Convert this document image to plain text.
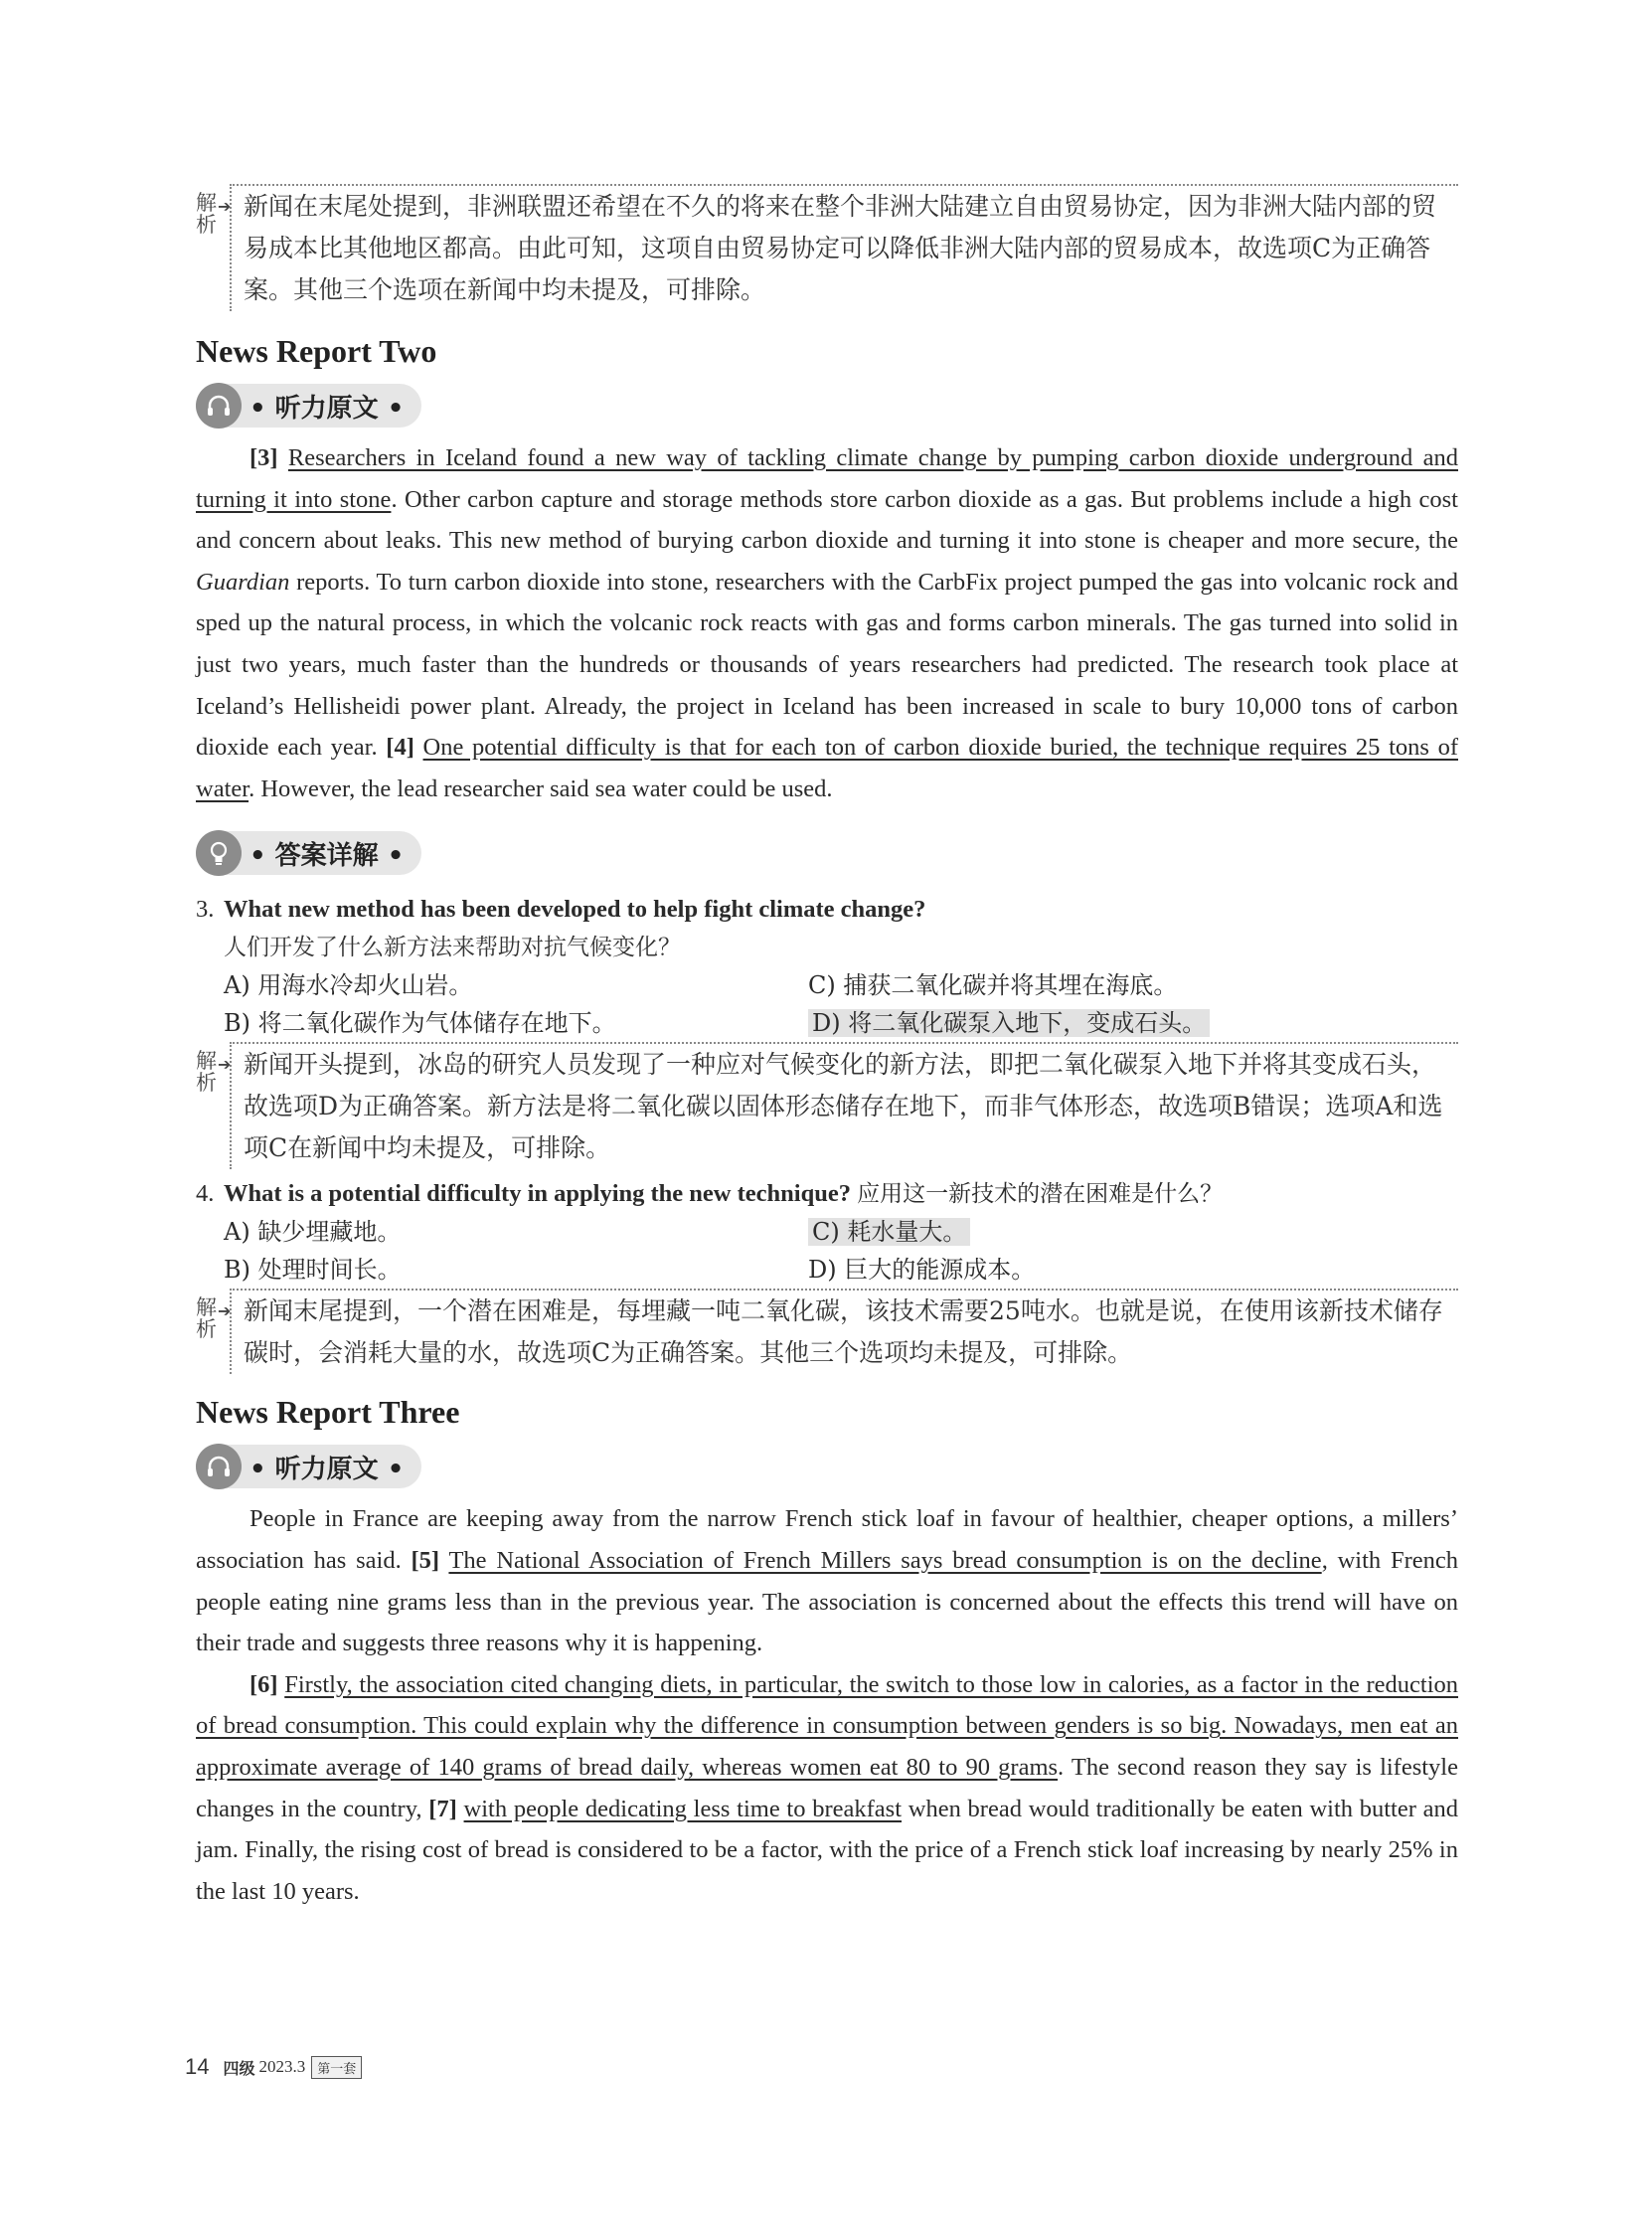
解析
➔ 新闻在末尾处提到，非洲联盟还希望在不久的将来在整个非洲大陆建立自由贸易协定，因为非洲大陆内部的贸易成本比其他地区都高。由此可知，这项自由贸易协定可以降低非洲大陆内部的贸易成本，故选项C为正确答案。其他三个选项在新闻中均未提及，可排除。
News Report Two
• 听力原文 •

[3] Researchers in Iceland found a new way of tackling climate change by pumping carbon dioxide underground and turning it into stone. Other carbon capture and storage methods store carbon dioxide as a gas. But problems include a high cost and concern about leaks. This new method of burying carbon dioxide and turning it into stone is cheaper and more secure, the Guardian reports. To turn carbon dioxide into stone, researchers with the CarbFix project pumped the gas into volcanic rock and sped up the natural process, in which the volcanic rock reacts with gas and forms carbon minerals. The gas turned into solid in just two years, much faster than the hundreds or thousands of years researchers had predicted. The research took place at Iceland’s Hellisheidi power plant. Already, the project in Iceland has been increased in scale to bury 10,000 tons of carbon dioxide each year. [4] One potential difficulty is that for each ton of carbon dioxide buried, the technique requires 25 tons of water. However, the lead researcher said sea water could be used.

• 答案详解 •
3. What new method has been developed to help fight climate change?
人们开发了什么新方法来帮助对抗气候变化？
A) 用海水冷却火山岩。	C) 捕获二氧化碳并将其埋在海底。
B) 将二氧化碳作为气体储存在地下。	D) 将二氧化碳泵入地下，变成石头。
解析
➔ 新闻开头提到，冰岛的研究人员发现了一种应对气候变化的新方法，即把二氧化碳泵入地下并将其变成石头，故选项D为正确答案。新方法是将二氧化碳以固体形态储存在地下，而非气体形态，故选项B错误；选项A和选项C在新闻中均未提及，可排除。
4. What is a potential difficulty in applying the new technique? 应用这一新技术的潜在困难是什么？
A) 缺少埋藏地。	C) 耗水量大。
B) 处理时间长。	D) 巨大的能源成本。
解析
➔ 新闻末尾提到，一个潜在困难是，每埋藏一吨二氧化碳，该技术需要25吨水。也就是说，在使用该新技术储存碳时，会消耗大量的水，故选项C为正确答案。其他三个选项均未提及，可排除。
News Report Three
• 听力原文 •

People in France are keeping away from the narrow French stick loaf in favour of healthier, cheaper options, a millers’ association has said. [5] The National Association of French Millers says bread consumption is on the decline, with French people eating nine grams less than in the previous year. The association is concerned about the effects this trend will have on their trade and suggests three reasons why it is happening.

[6] Firstly, the association cited changing diets, in particular, the switch to those low in calories, as a factor in the reduction of bread consumption. This could explain why the difference in consumption between genders is so big. Nowadays, men eat an approximate average of 140 grams of bread daily, whereas women eat 80 to 90 grams. The second reason they say is lifestyle changes in the country, [7] with people dedicating less time to breakfast when bread would traditionally be eaten with butter and jam. Finally, the rising cost of bread is considered to be a factor, with the price of a French stick loaf increasing by nearly 25% in the last 10 years.

14 四级 2023.3 第一套
